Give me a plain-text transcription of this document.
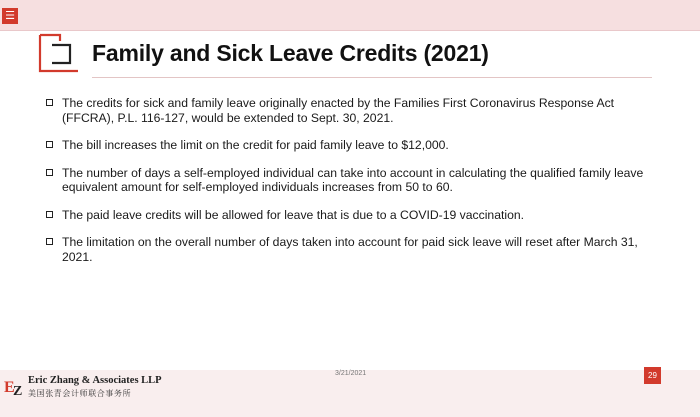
☰
Family and Sick Leave Credits (2021)
The credits for sick and family leave originally enacted by the Families First Coronavirus Response Act (FFCRA), P.L. 116-127, would be extended to Sept. 30, 2021.
The bill increases the limit on the credit for paid family leave to $12,000.
The number of days a self-employed individual can take into account in calculating the qualified family leave equivalent amount for self-employed individuals increases from 50 to 60.
The paid leave credits will be allowed for leave that is due to a COVID-19 vaccination.
The limitation on the overall number of days taken into account for paid sick leave will reset after March 31, 2021.
3/21/2021	29
E
Z
Eric Zhang & Associates LLP
美国张青会计师联合事务所
